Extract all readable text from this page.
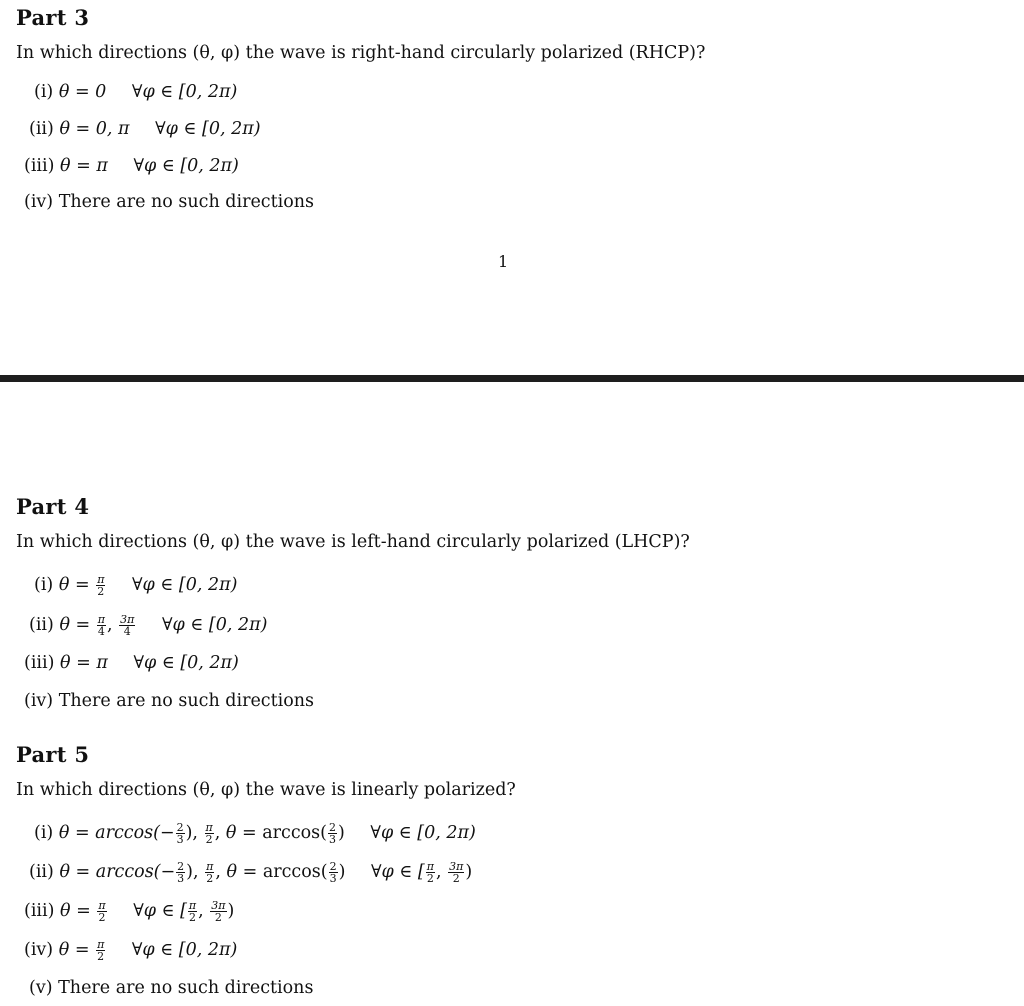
Part 3
In which directions (θ, φ) the wave is right-hand circularly polarized (RHCP)?
(i) θ = 0 ∀φ ∈ [0, 2π)
(ii) θ = 0, π ∀φ ∈ [0, 2π)
(iii) θ = π ∀φ ∈ [0, 2π)
(iv) There are no such directions
1
Part 4
In which directions (θ, φ) the wave is left-hand circularly polarized (LHCP)?
(i) $\theta = \frac{\pi}{2}$ ∀φ ∈ [0, 2π)
(ii) $\theta = \frac{\pi}{4}$ , $\frac{3\pi}{4}$ ∀φ ∈ [0, 2π)
(iii) θ = π ∀φ ∈ [0, 2π)
(iv) There are no such directions
Part 5
In which directions (θ, φ) the wave is linearly polarized?
(i) $\theta = \arccos(- \frac{2}{3}$ ), $\frac{\pi}{2}$ , $\theta = \arccos( \frac{2}{3}$ ) ∀φ ∈ [0, 2π)
(ii) $\theta = \arccos(- \frac{2}{3}$ ), $\frac{\pi}{2}$ , $\theta = \arccos( \frac{2}{3}$ ) ∀φ ∈ [ $\frac{\pi}{2}$ , $\frac{3\pi}{2}$ )
(iii) $\theta = \frac{\pi}{2}$ ∀φ ∈ [ $\frac{\pi}{2}$ , $\frac{3\pi}{2}$ )
(iv) $\theta = \frac{\pi}{2}$ ∀φ ∈ [0, 2π)
(v) There are no such directions
